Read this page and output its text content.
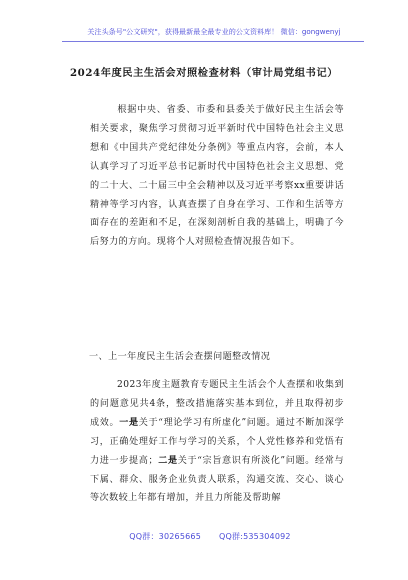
关注头条号"公文研究"，获得最新最全最专业的公文资料库！ 微信：gongwenyj
2024年度民主生活会对照检查材料（审计局党组书记）
根据中央、省委、市委和县委关于做好民主生活会等相关要求，聚焦学习贯彻习近平新时代中国特色社会主义思想和《中国共产党纪律处分条例》等重点内容，会前，本人认真学习了习近平总书记新时代中国特色社会主义思想、党的二十大、二十届三中全会精神以及习近平考察xx重要讲话精神等学习内容，认真查摆了自身在学习、工作和生活等方面存在的差距和不足，在深刻剖析自我的基础上，明确了今后努力的方向。现将个人对照检查情况报告如下。
一、上一年度民主生活会查摆问题整改情况
2023年度主题教育专题民主生活会个人查摆和收集到的问题意见共4条，整改措施落实基本到位，并且取得初步成效。一是关于“理论学习有所虚化”问题。通过不断加深学习，正确处理好工作与学习的关系，个人党性修养和党悟有力进一步提高；二是关于“宗旨意识有所淡化”问题。经常与下属、群众、服务企业负责人联系，沟通交流、交心、谈心等次数较上年都有增加，并且力所能及帮助解
QQ群：30265665 QQ群:535304092
